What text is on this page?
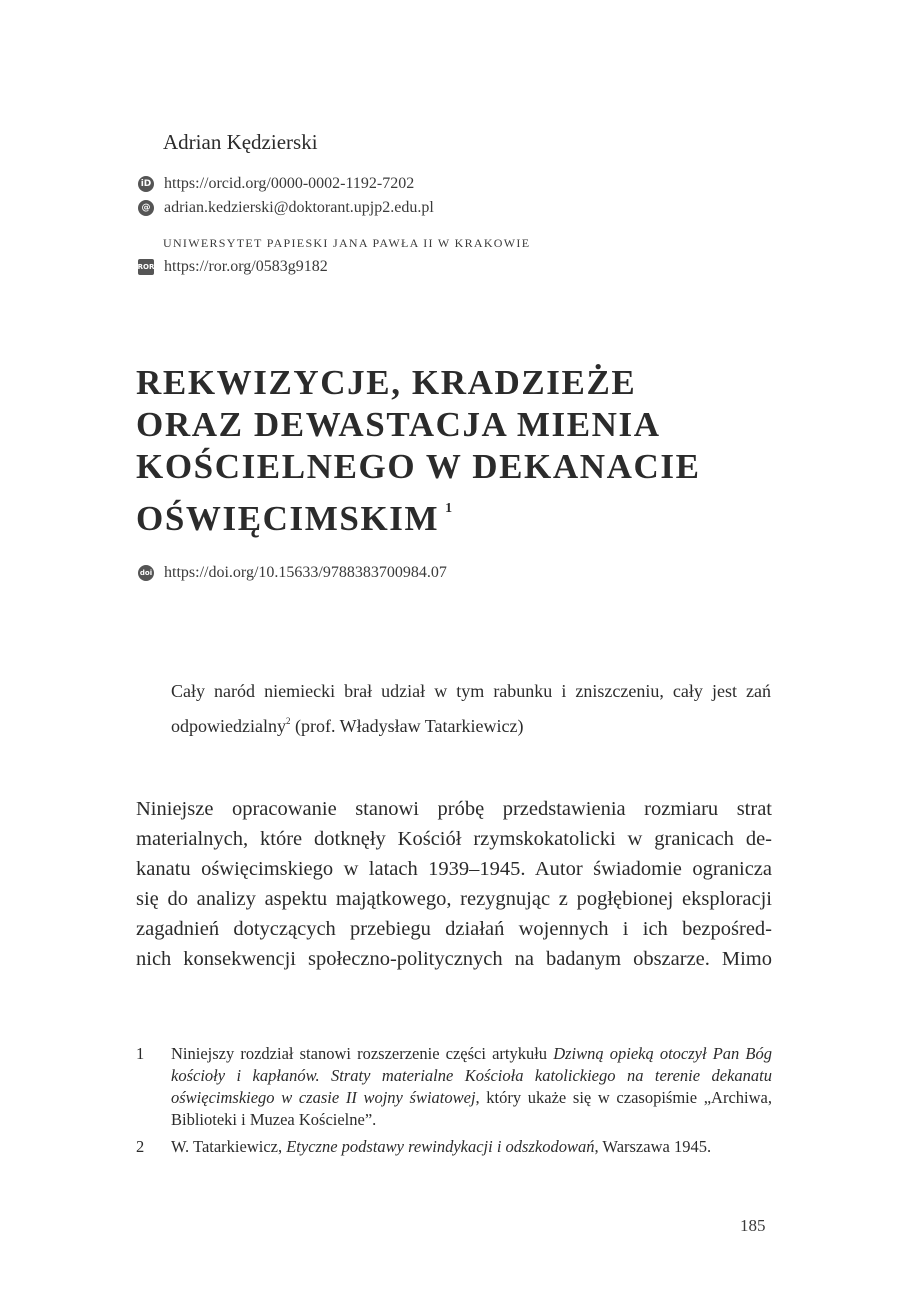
Adrian Kędzierski
iD https://orcid.org/0000-0002-1192-7202
@ adrian.kedzierski@doktorant.upjp2.edu.pl
UNIWERSYTET PAPIESKI JANA PAWŁA II W KRAKOWIE
ROR https://ror.org/0583g9182
REKWIZYCJE, KRADZIEŻE
ORAZ DEWASTACJA MIENIA
KOŚCIELNEGO W DEKANACIE
OŚWIĘCIMSKIM $^1$
doi https://doi.org/10.15633/9788383700984.07
Cały naród niemiecki brał udział w tym rabunku i zniszczeniu, cały jest zań odpowiedzialny$^2$ (prof. Władysław Tatarkiewicz)
Niniejsze opracowanie stanowi próbę przedstawienia rozmiaru strat
materialnych, które dotknęły Kościół rzymskokatolicki w granicach de-
kanatu oświęcimskiego w latach 1939–1945. Autor świadomie ogranicza
się do analizy aspektu majątkowego, rezygnując z pogłębionej eksploracji
zagadnień dotyczących przebiegu działań wojennych i ich bezpośred-
nich konsekwencji społeczno-politycznych na badanym obszarze. Mimo
1 Niniejszy rozdział stanowi rozszerzenie części artykułu Dziwną opieką otoczył Pan Bóg kościoły i kapłanów. Straty materialne Kościoła katolickiego na terenie dekanatu oświęcimskiego w czasie II wojny światowej, który ukaże się w czasopiśmie „Archiwa, Biblioteki i Muzea Kościelne”.
2 W. Tatarkiewicz, Etyczne podstawy rewindykacji i odszkodowań, Warszawa 1945.
185
